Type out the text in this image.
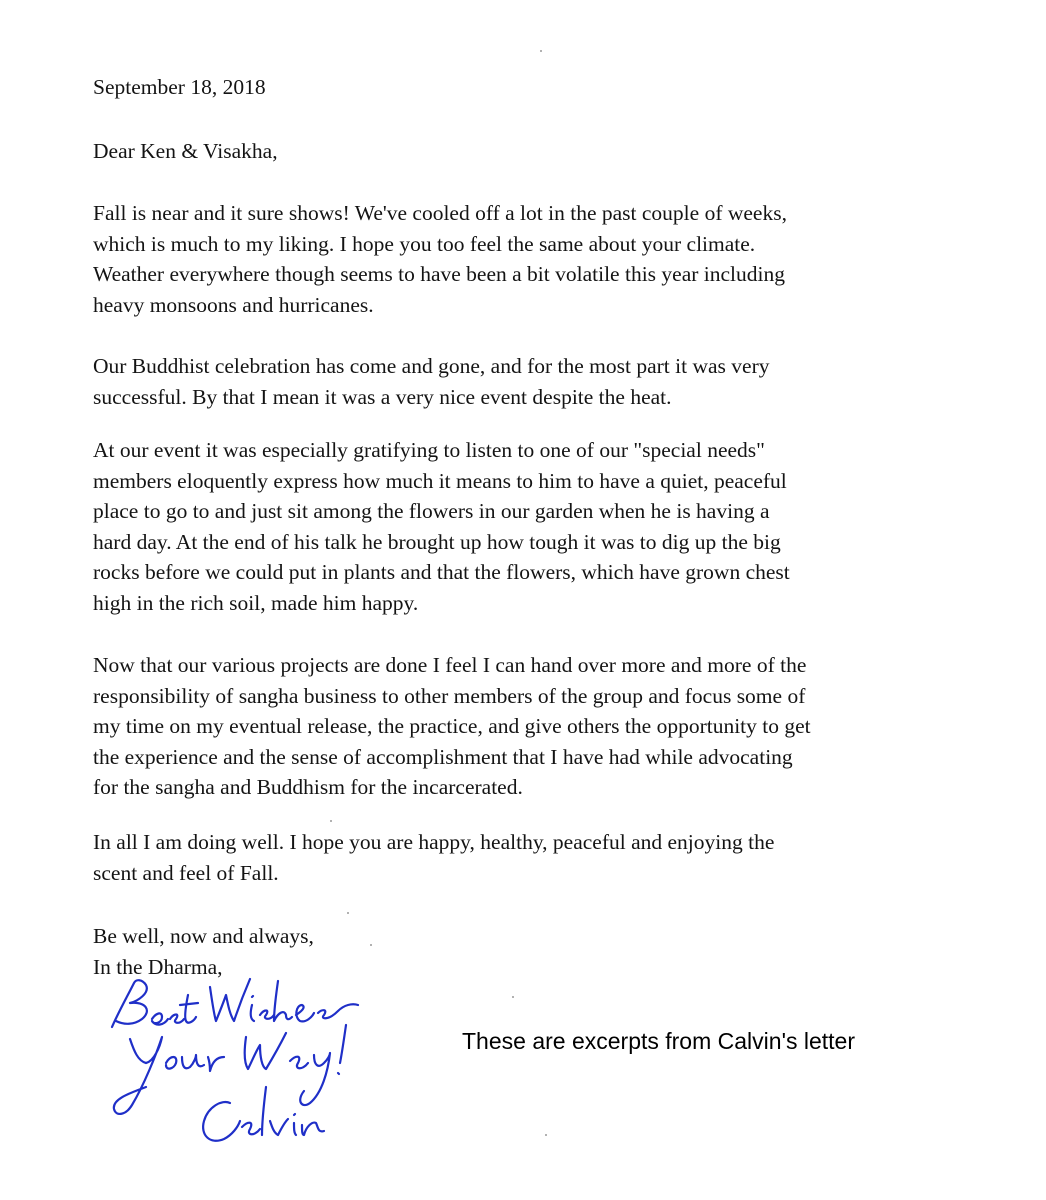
September 18, 2018
Dear Ken & Visakha,
Fall is near and it sure shows! We've cooled off a lot in the past couple of weeks,
which is much to my liking. I hope you too feel the same about your climate.
Weather everywhere though seems to have been a bit volatile this year including
heavy monsoons and hurricanes.
Our Buddhist celebration has come and gone, and for the most part it was very
successful. By that I mean it was a very nice event despite the heat.
At our event it was especially gratifying to listen to one of our "special needs"
members eloquently express how much it means to him to have a quiet, peaceful
place to go to and just sit among the flowers in our garden when he is having a
hard day. At the end of his talk he brought up how tough it was to dig up the big
rocks before we could put in plants and that the flowers, which have grown chest
high in the rich soil, made him happy.
Now that our various projects are done I feel I can hand over more and more of the
responsibility of sangha business to other members of the group and focus some of
my time on my eventual release, the practice, and give others the opportunity to get
the experience and the sense of accomplishment that I have had while advocating
for the sangha and Buddhism for the incarcerated.
In all I am doing well. I hope you are happy, healthy, peaceful and enjoying the
scent and feel of Fall.
Be well, now and always,
In the Dharma,
These are excerpts from Calvin's letter
